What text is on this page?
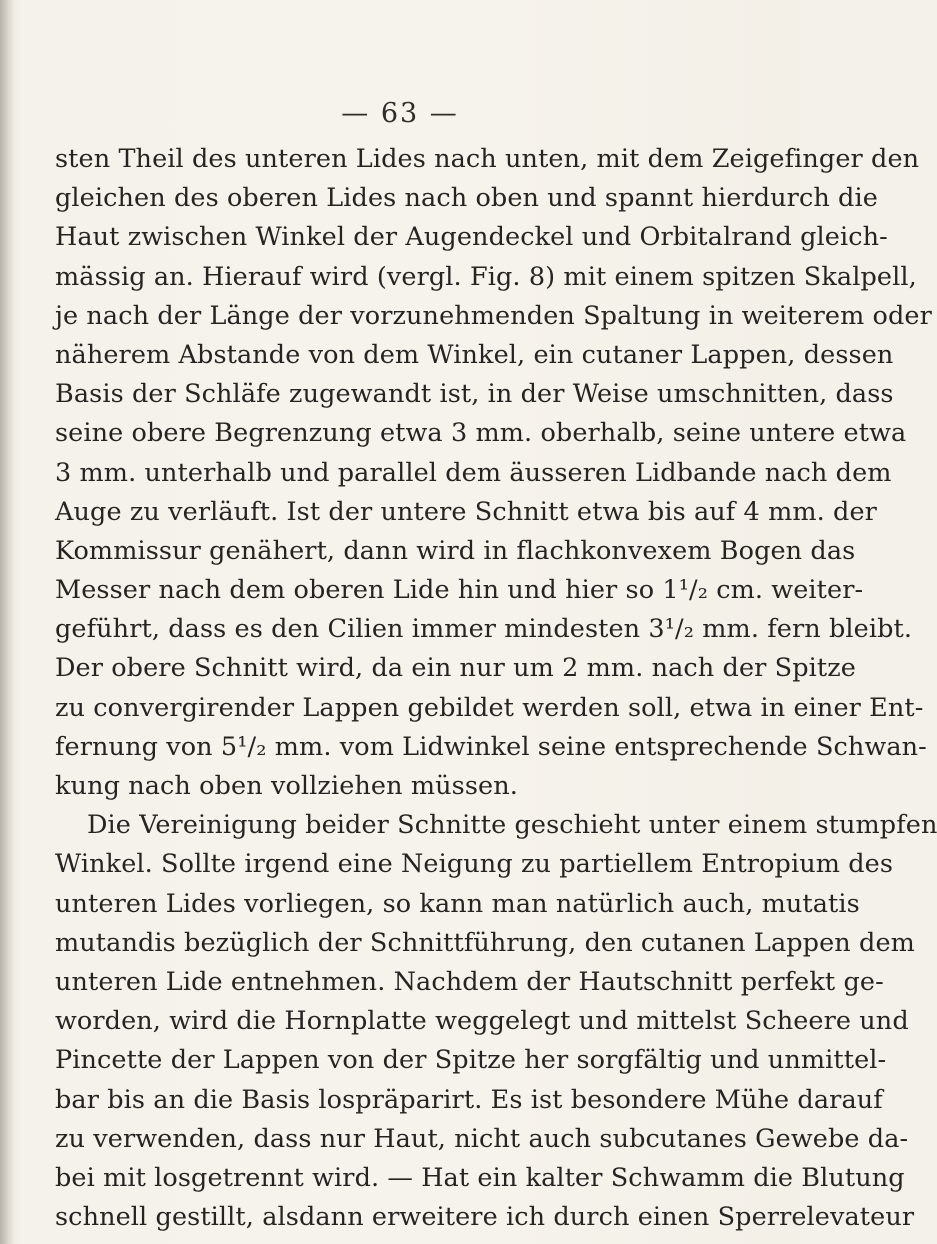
— 63 —
sten Theil des unteren Lides nach unten, mit dem Zeigefinger den
gleichen des oberen Lides nach oben und spannt hierdurch die
Haut zwischen Winkel der Augendeckel und Orbitalrand gleich-
mässig an. Hierauf wird (vergl. Fig. 8) mit einem spitzen Skalpell,
je nach der Länge der vorzunehmenden Spaltung in weiterem oder
näherem Abstande von dem Winkel, ein cutaner Lappen, dessen
Basis der Schläfe zugewandt ist, in der Weise umschnitten, dass
seine obere Begrenzung etwa 3 mm. oberhalb, seine untere etwa
3 mm. unterhalb und parallel dem äusseren Lidbande nach dem
Auge zu verläuft. Ist der untere Schnitt etwa bis auf 4 mm. der
Kommissur genähert, dann wird in flachkonvexem Bogen das
Messer nach dem oberen Lide hin und hier so 1¹/₂ cm. weiter-
geführt, dass es den Cilien immer mindesten 3¹/₂ mm. fern bleibt.
Der obere Schnitt wird, da ein nur um 2 mm. nach der Spitze
zu convergirender Lappen gebildet werden soll, etwa in einer Ent-
fernung von 5¹/₂ mm. vom Lidwinkel seine entsprechende Schwan-
kung nach oben vollziehen müssen.
Die Vereinigung beider Schnitte geschieht unter einem stumpfen
Winkel. Sollte irgend eine Neigung zu partiellem Entropium des
unteren Lides vorliegen, so kann man natürlich auch, mutatis
mutandis bezüglich der Schnittführung, den cutanen Lappen dem
unteren Lide entnehmen. Nachdem der Hautschnitt perfekt ge-
worden, wird die Hornplatte weggelegt und mittelst Scheere und
Pincette der Lappen von der Spitze her sorgfältig und unmittel-
bar bis an die Basis lospräparirt. Es ist besondere Mühe darauf
zu verwenden, dass nur Haut, nicht auch subcutanes Gewebe da-
bei mit losgetrennt wird. — Hat ein kalter Schwamm die Blutung
schnell gestillt, alsdann erweitere ich durch einen Sperrelevateur
